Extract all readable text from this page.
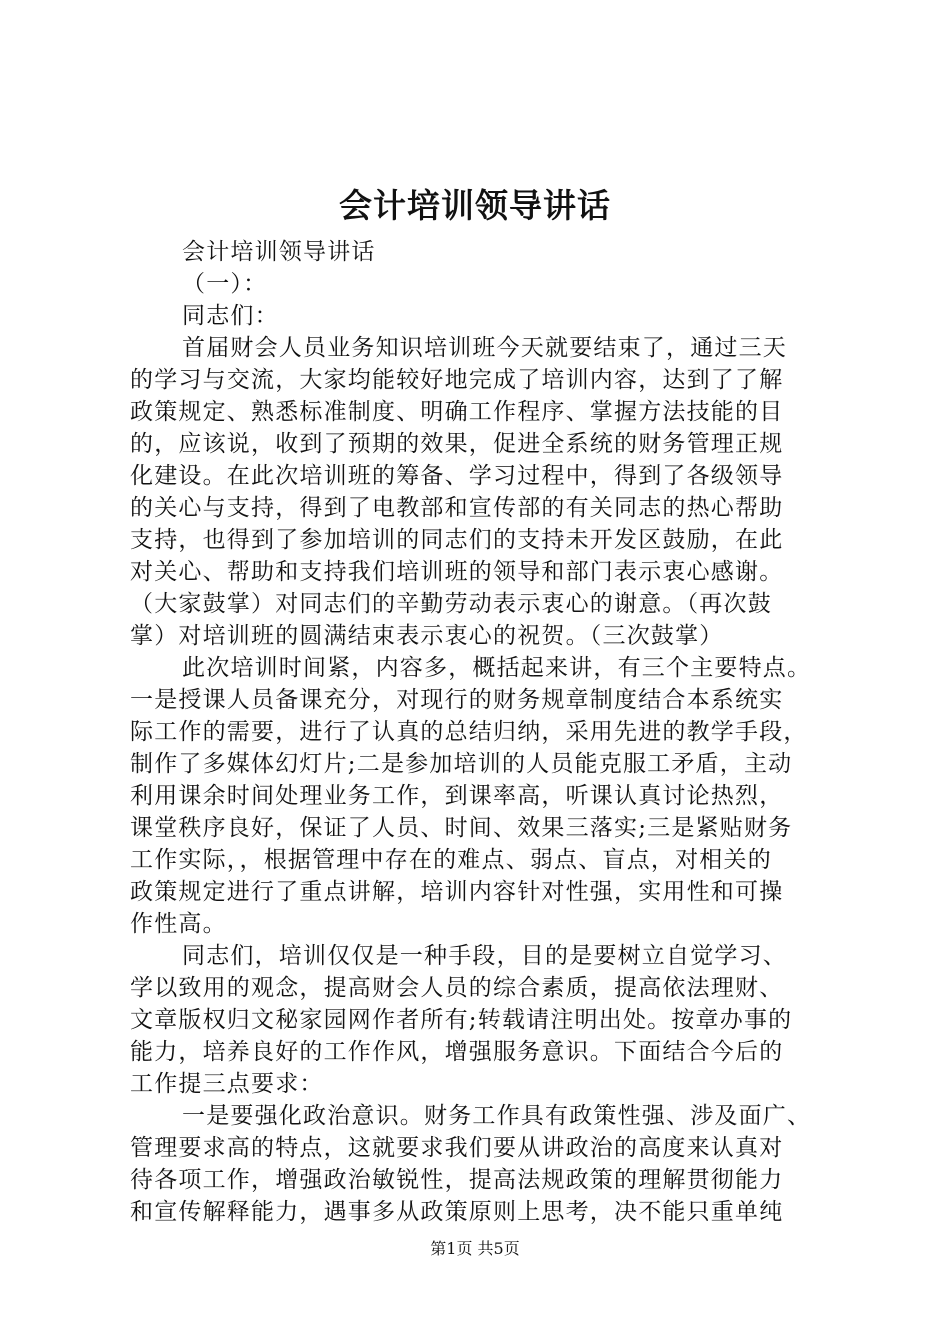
会计培训领导讲话
会计培训领导讲话
（一）：
同志们：
首届财会人员业务知识培训班今天就要结束了，通过三天
的学习与交流，大家均能较好地完成了培训内容，达到了了解
政策规定、熟悉标准制度、明确工作程序、掌握方法技能的目
的，应该说，收到了预期的效果，促进全系统的财务管理正规
化建设。在此次培训班的筹备、学习过程中，得到了各级领导
的关心与支持，得到了电教部和宣传部的有关同志的热心帮助
支持，也得到了参加培训的同志们的支持未开发区鼓励，在此
对关心、帮助和支持我们培训班的领导和部门表示衷心感谢。
（大家鼓掌）对同志们的辛勤劳动表示衷心的谢意。（再次鼓
掌）对培训班的圆满结束表示衷心的祝贺。（三次鼓掌）
此次培训时间紧，内容多，概括起来讲，有三个主要特点。
一是授课人员备课充分，对现行的财务规章制度结合本系统实
际工作的需要，进行了认真的总结归纳，采用先进的教学手段，
制作了多媒体幻灯片;二是参加培训的人员能克服工矛盾，主动
利用课余时间处理业务工作，到课率高，听课认真讨论热烈，
课堂秩序良好，保证了人员、时间、效果三落实;三是紧贴财务
工作实际，，根据管理中存在的难点、弱点、盲点，对相关的
政策规定进行了重点讲解，培训内容针对性强，实用性和可操
作性高。
同志们，培训仅仅是一种手段，目的是要树立自觉学习、
学以致用的观念，提高财会人员的综合素质，提高依法理财、
文章版权归文秘家园网作者所有;转载请注明出处。按章办事的
能力，培养良好的工作作风，增强服务意识。下面结合今后的
工作提三点要求：
一是要强化政治意识。财务工作具有政策性强、涉及面广、
管理要求高的特点，这就要求我们要从讲政治的高度来认真对
待各项工作，增强政治敏锐性，提高法规政策的理解贯彻能力
和宣传解释能力，遇事多从政策原则上思考，决不能只重单纯
第1页 共5页
